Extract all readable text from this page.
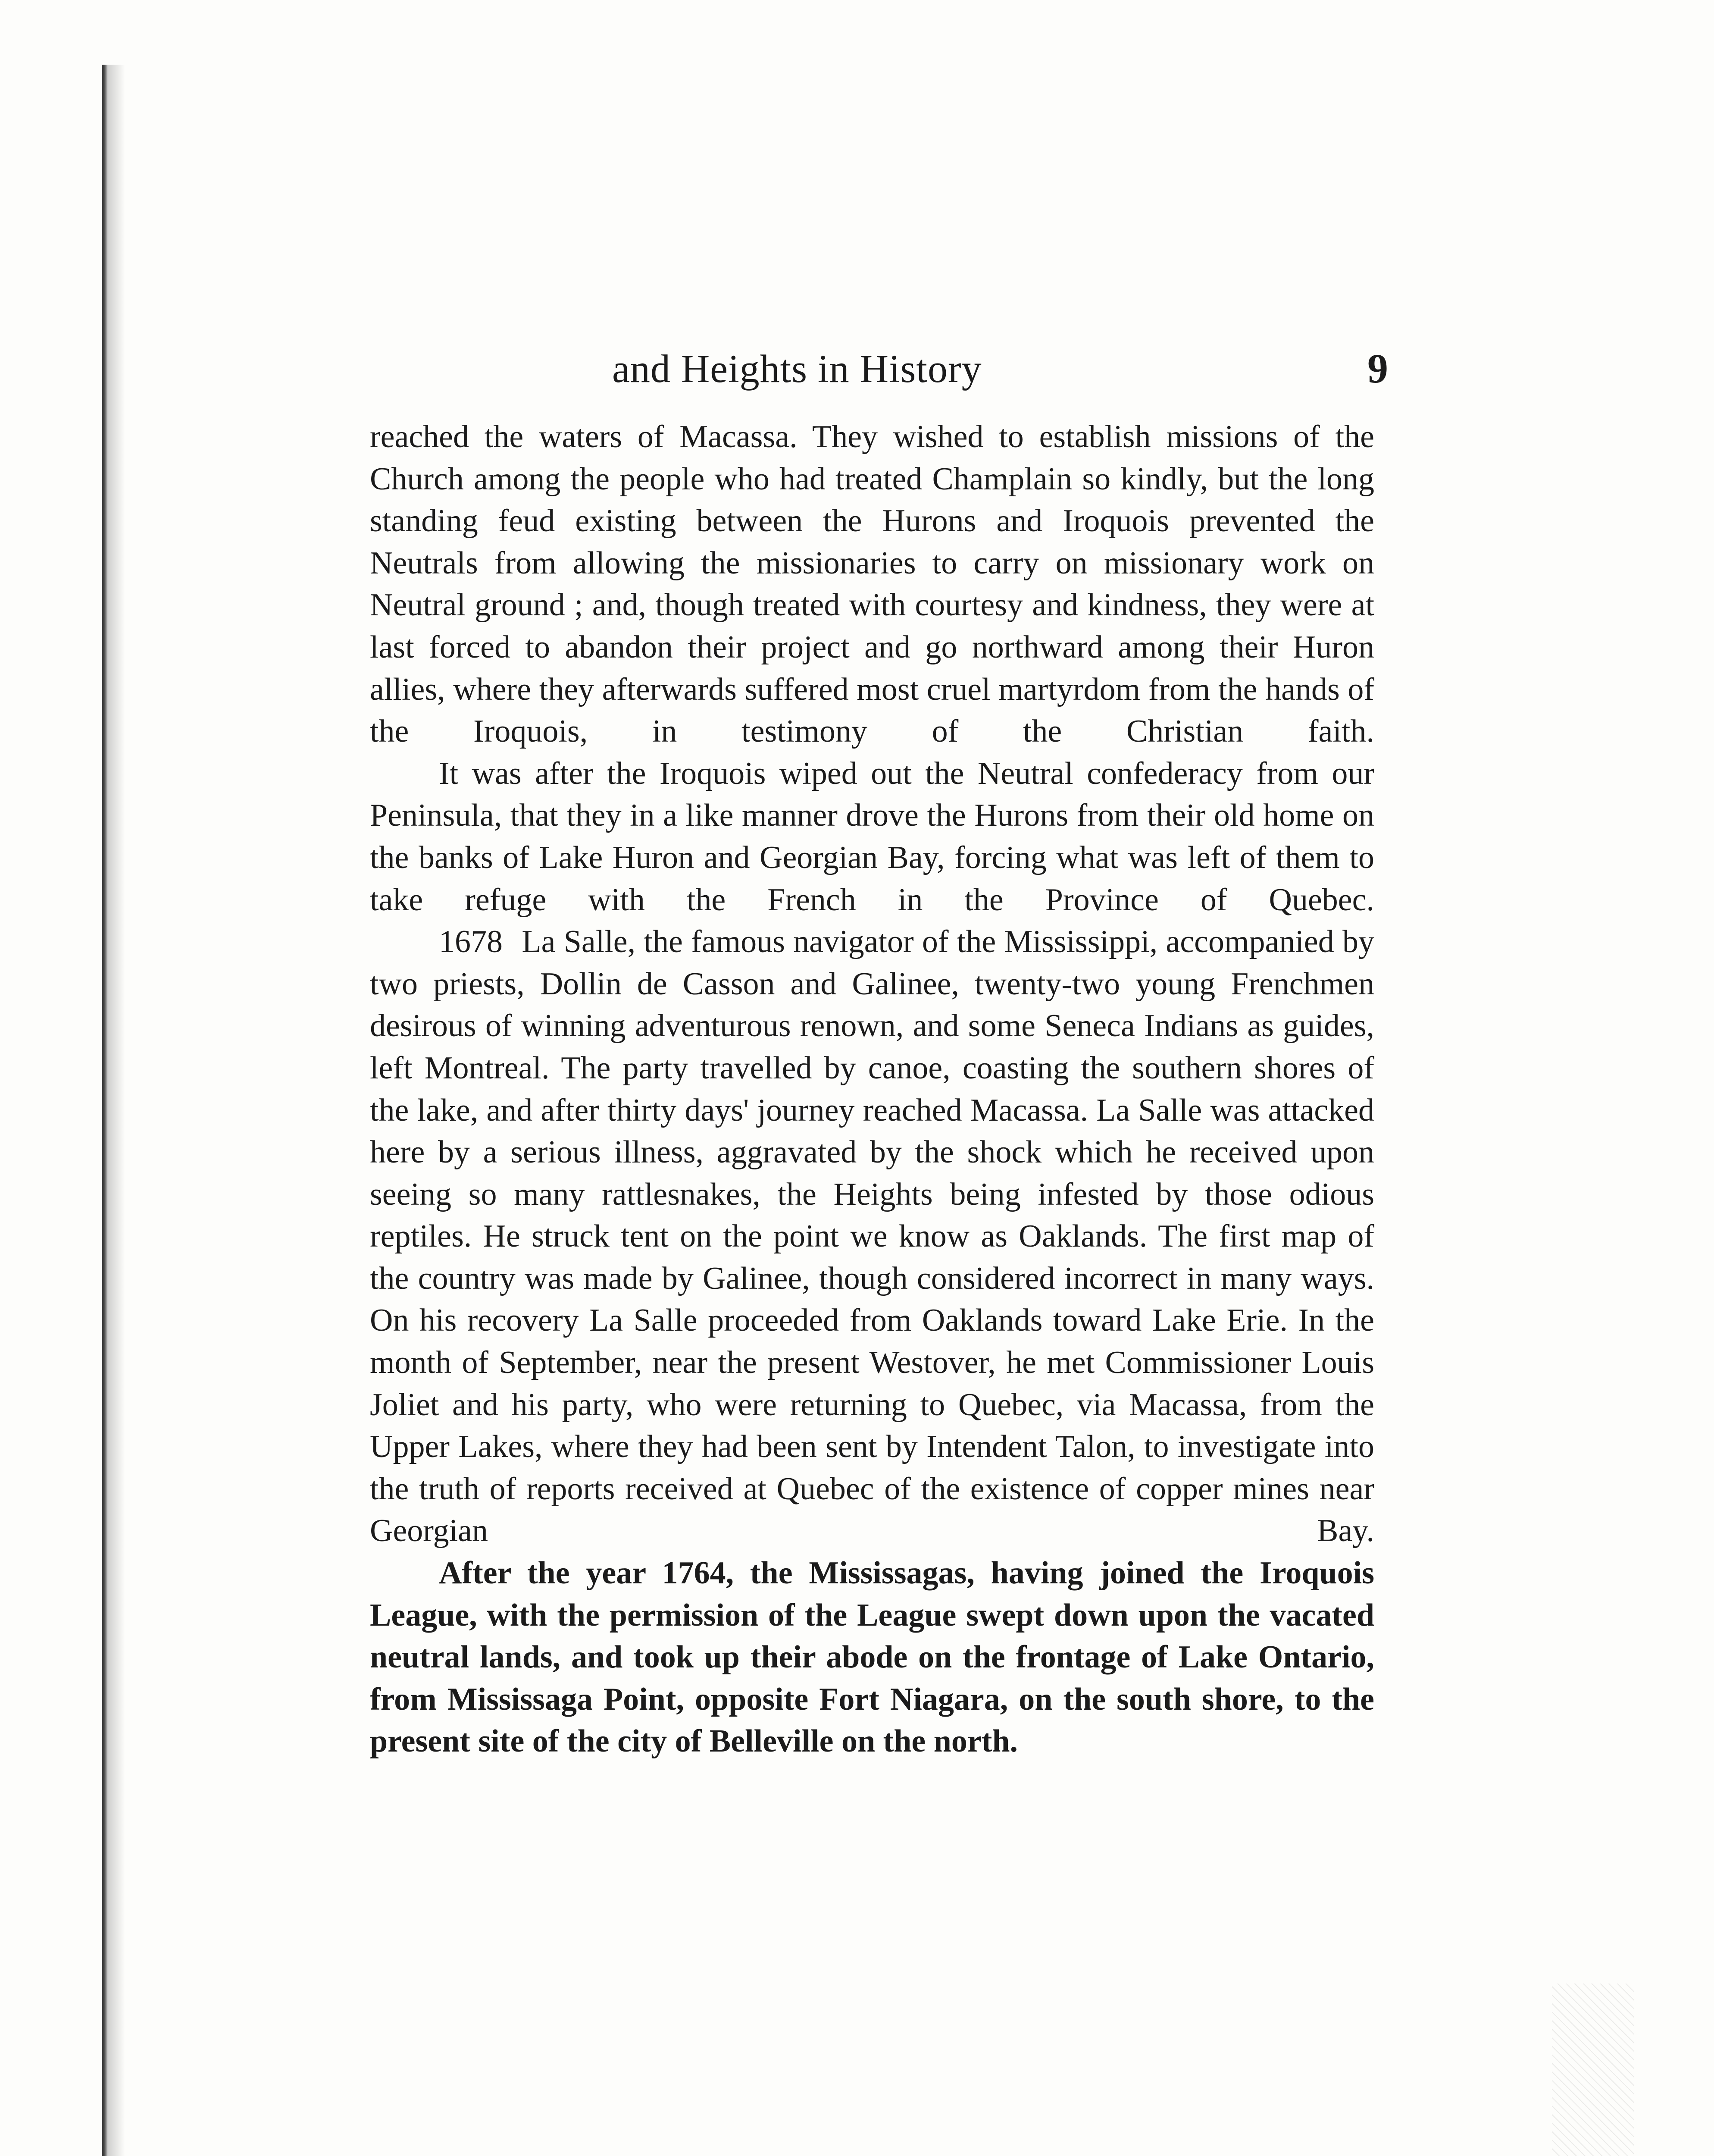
and Heights in History	9

reached the waters of Macassa. They wished to establish missions of the Church among the people who had treated Champlain so kindly, but the long standing feud existing between the Hurons and Iroquois prevented the Neutrals from allowing the missionaries to carry on missionary work on Neutral ground ; and, though treated with courtesy and kindness, they were at last forced to abandon their project and go northward among their Huron allies, where they afterwards suffered most cruel martyrdom from the hands of the Iroquois, in testimony of the Christian faith.

It was after the Iroquois wiped out the Neutral confederacy from our Peninsula, that they in a like manner drove the Hurons from their old home on the banks of Lake Huron and Georgian Bay, forcing what was left of them to take refuge with the French in the Province of Quebec.

1678 La Salle, the famous navigator of the Mississippi, accompanied by two priests, Dollin de Casson and Galinee, twenty-two young Frenchmen desirous of winning adventurous renown, and some Seneca Indians as guides, left Montreal. The party travelled by canoe, coasting the southern shores of the lake, and after thirty days' journey reached Macassa. La Salle was attacked here by a serious illness, aggravated by the shock which he received upon seeing so many rattlesnakes, the Heights being infested by those odious reptiles. He struck tent on the point we know as Oaklands. The first map of the country was made by Galinee, though considered incorrect in many ways. On his recovery La Salle proceeded from Oaklands toward Lake Erie. In the month of September, near the present Westover, he met Commissioner Louis Joliet and his party, who were returning to Quebec, via Macassa, from the Upper Lakes, where they had been sent by Intendent Talon, to investigate into the truth of reports received at Quebec of the existence of copper mines near Georgian Bay.

After the year 1764, the Mississagas, having joined the Iroquois League, with the permission of the League swept down upon the vacated neutral lands, and took up their abode on the frontage of Lake Ontario, from Mississaga Point, opposite Fort Niagara, on the south shore, to the present site of the city of Belleville on the north.
